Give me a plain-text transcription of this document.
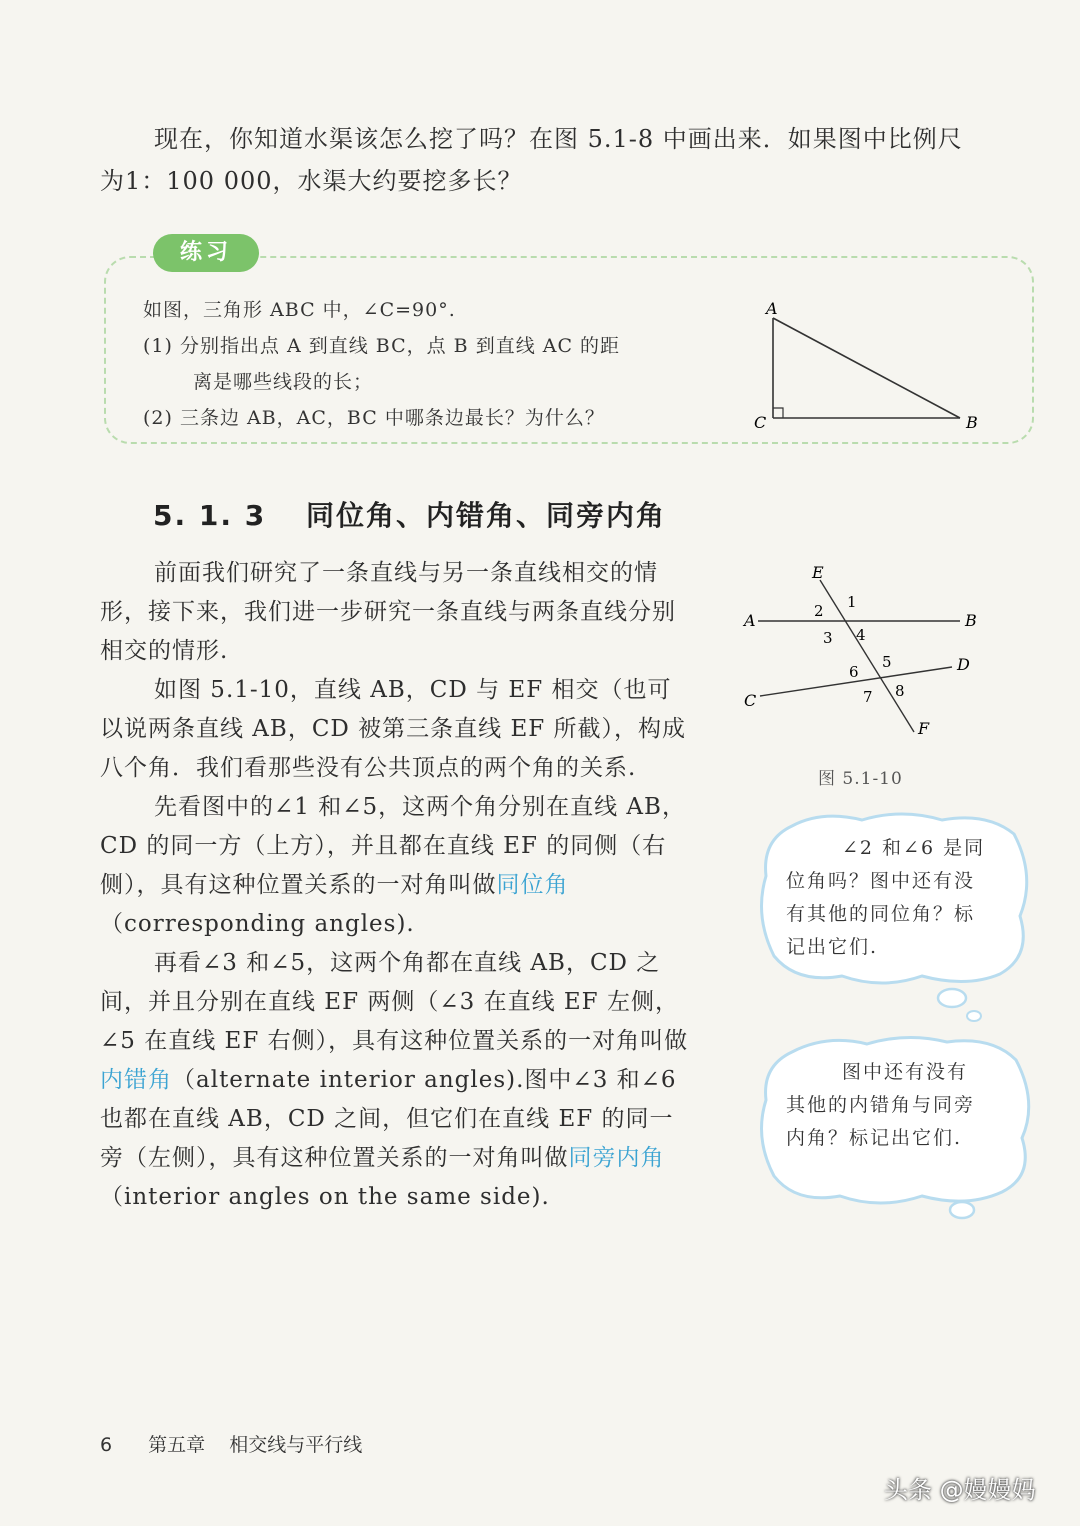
现在，你知道水渠该怎么挖了吗？在图 5.1-8 中画出来．如果图中比例尺
为1：100 000，水渠大约要挖多长？
练习
如图，三角形 ABC 中，∠C=90°.
(1) 分别指出点 A 到直线 BC，点 B 到直线 AC 的距
离是哪些线段的长；
(2) 三条边 AB，AC，BC 中哪条边最长？为什么？
A
B
C
5. 1. 3 同位角、内错角、同旁内角

前面我们研究了一条直线与另一条直线相交的情形，接下来，我们进一步研究一条直线与两条直线分别相交的情形.

如图 5.1-10，直线 AB，CD 与 EF 相交（也可以说两条直线 AB，CD 被第三条直线 EF 所截），构成八个角．我们看那些没有公共顶点的两个角的关系.

先看图中的∠1 和∠5，这两个角分别在直线 AB，CD 的同一方（上方），并且都在直线 EF 的同侧（右侧），具有这种位置关系的一对角叫做同位角（corresponding angles).

再看∠3 和∠5，这两个角都在直线 AB，CD 之间，并且分别在直线 EF 两侧（∠3 在直线 EF 左侧，∠5 在直线 EF 右侧），具有这种位置关系的一对角叫做内错角（alternate interior angles).图中∠3 和∠6 也都在直线 AB，CD 之间，但它们在直线 EF 的同一旁（左侧），具有这种位置关系的一对角叫做同旁内角（interior angles on the same side).

E
A	B
C
D
F
1
2
3 4
5
6
7 8
图 5.1-10
∠2 和∠6 是同位角吗？图中还有没有其他的同位角？标记出它们.
图中还有没有其他的内错角与同旁内角？标记出它们.
6 第五章 相交线与平行线
头条 @嫚嫚妈
